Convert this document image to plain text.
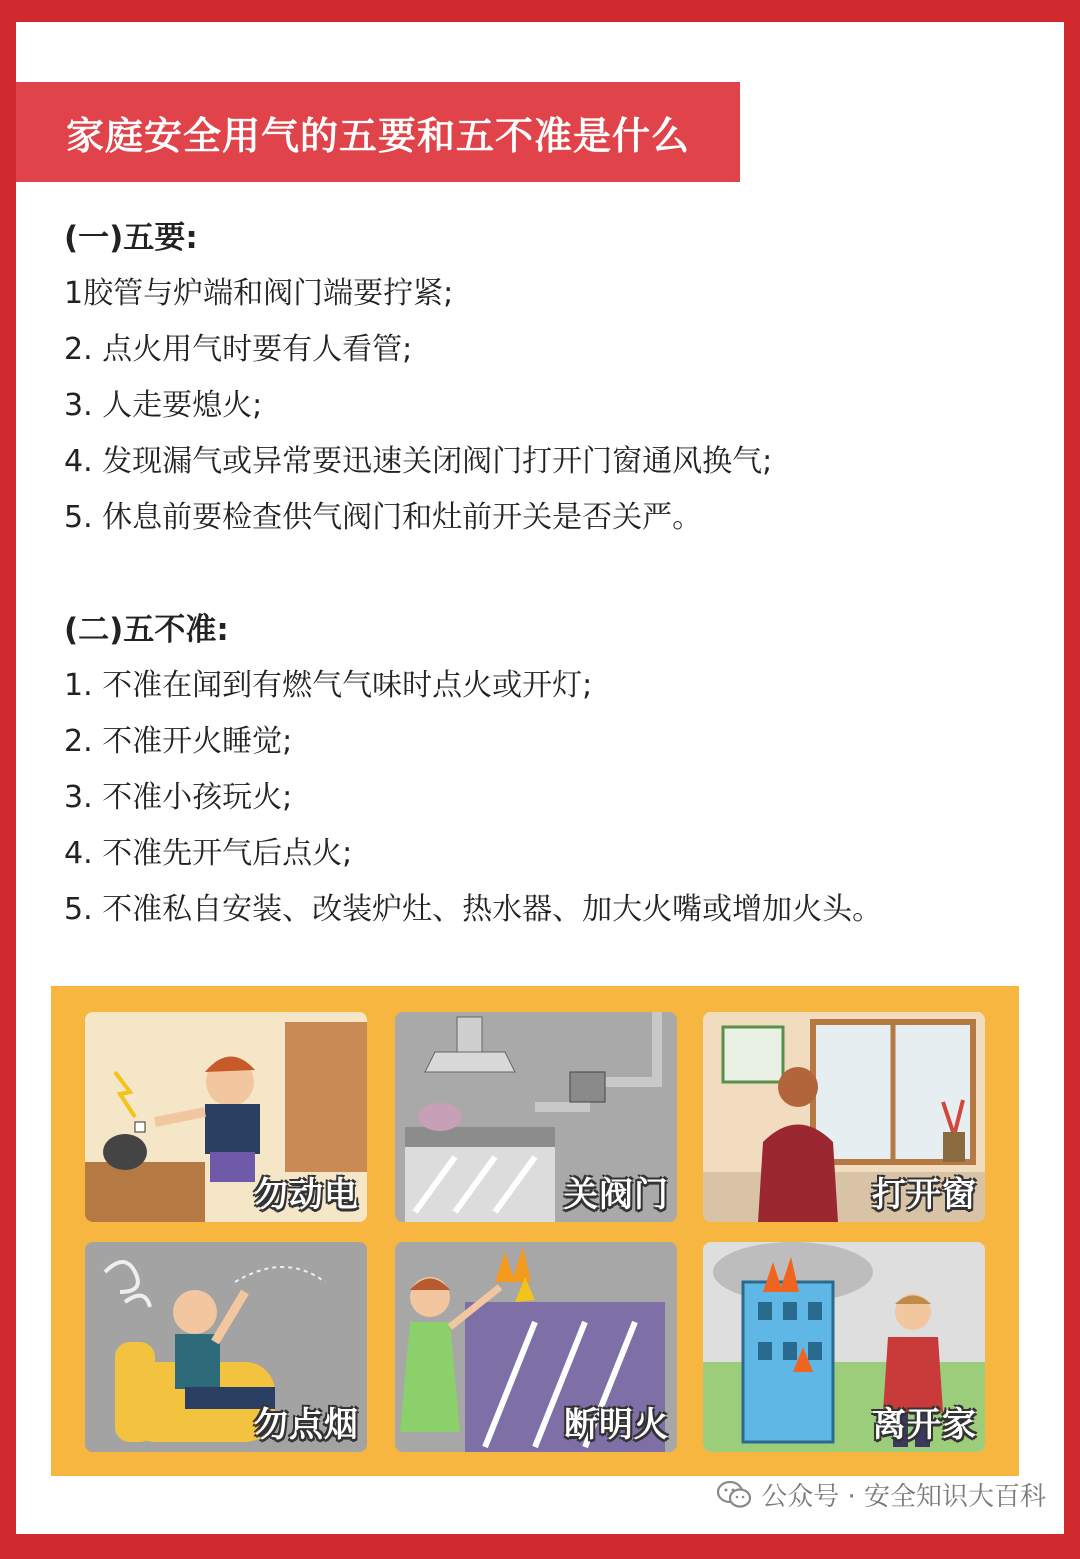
家庭安全用气的五要和五不准是什么
(一)五要:
1胶管与炉端和阀门端要拧紧;
2. 点火用气时要有人看管;
3. 人走要熄火;
4. 发现漏气或异常要迅速关闭阀门打开门窗通风换气;
5. 休息前要检查供气阀门和灶前开关是否关严。
(二)五不准:
1. 不准在闻到有燃气气味时点火或开灯;
2. 不准开火睡觉;
3. 不准小孩玩火;
4. 不准先开气后点火;
5. 不准私自安装、改装炉灶、热水器、加大火嘴或增加火头。
勿动电	关阀门	打开窗
勿点烟	断明火	离开家
公众号 · 安全知识大百科
